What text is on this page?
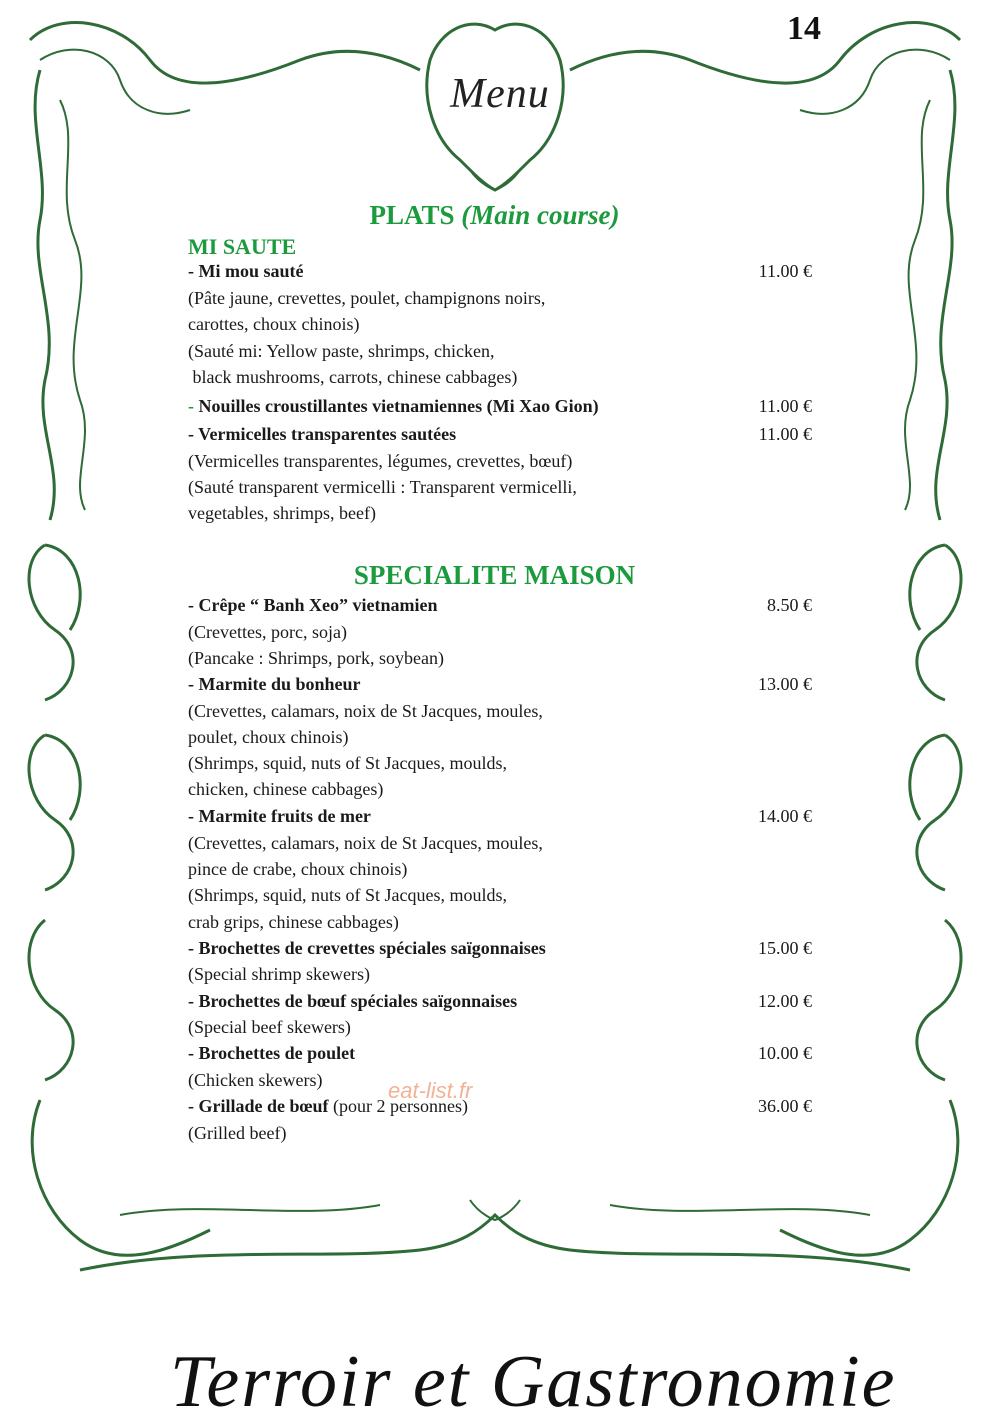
14
Menu
PLATS (Main course)
MI SAUTE
- Mi mou sauté	11.00 €
(Pâte jaune, crevettes, poulet, champignons noirs,
carottes, choux chinois)
(Sauté mi: Yellow paste, shrimps, chicken,
black mushrooms, carrots, chinese cabbages)
- Nouilles croustillantes vietnamiennes (Mi Xao Gion)	11.00 €
- Vermicelles transparentes sautées	11.00 €
(Vermicelles transparentes, légumes, crevettes, bœuf)
(Sauté transparent vermicelli : Transparent vermicelli,
vegetables, shrimps, beef)
SPECIALITE MAISON
- Crêpe “ Banh Xeo” vietnamien	8.50 €
(Crevettes, porc, soja)
(Pancake : Shrimps, pork, soybean)
- Marmite du bonheur	13.00 €
(Crevettes, calamars, noix de St Jacques, moules,
poulet, choux chinois)
(Shrimps, squid, nuts of St Jacques, moulds,
chicken, chinese cabbages)
- Marmite fruits de mer	14.00 €
(Crevettes, calamars, noix de St Jacques, moules,
pince de crabe, choux chinois)
(Shrimps, squid, nuts of St Jacques, moulds,
crab grips, chinese cabbages)
- Brochettes de crevettes spéciales saïgonnaises	15.00 €
(Special shrimp skewers)
- Brochettes de bœuf spéciales saïgonnaises	12.00 €
(Special beef skewers)
- Brochettes de poulet	10.00 €
(Chicken skewers)
- Grillade de bœuf (pour 2 personnes)	36.00 €
(Grilled beef)
eat-list.fr
Terroir et Gastronomie
